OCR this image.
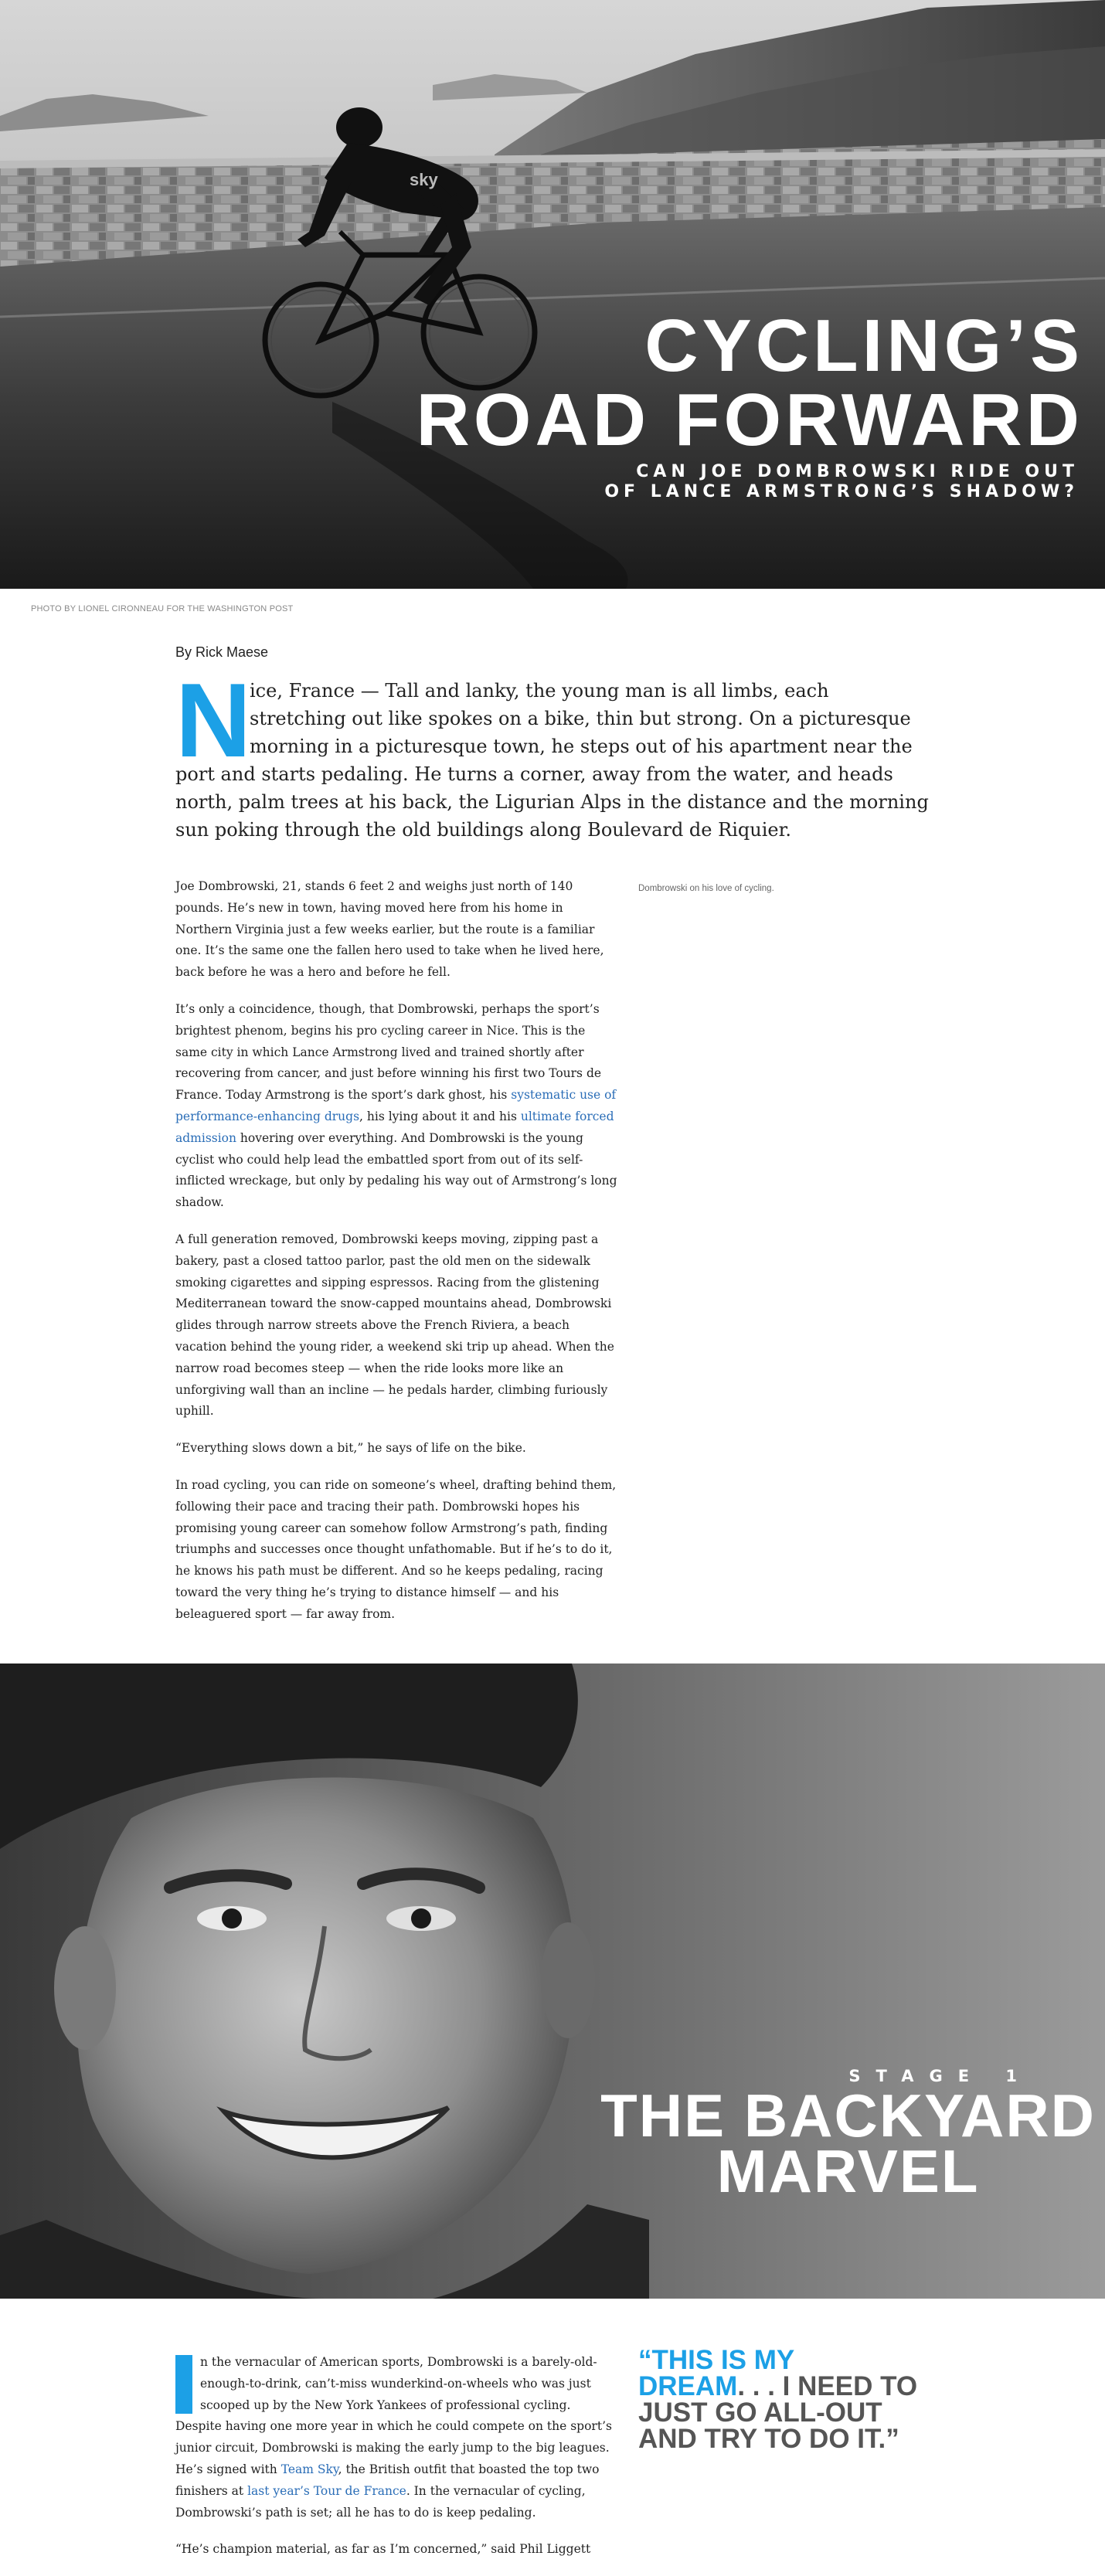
sky
CYCLING’S
ROAD FORWARD
CAN JOE DOMBROWSKI RIDE OUT
OF LANCE ARMSTRONG’S SHADOW?
PHOTO BY LIONEL CIRONNEAU FOR THE WASHINGTON POST
By Rick Maese

N
ice, France — Tall and lanky, the young man is all limbs, each stretching out like spokes on a bike, thin but strong. On a picturesque morning in a picturesque town, he steps out of his apartment near the port and starts pedaling. He turns a corner, away from the water, and heads north, palm trees at his back, the Ligurian Alps in the distance and the morning sun poking through the old buildings along Boulevard de Riquier.

Joe Dombrowski, 21, stands 6 feet 2 and weighs just north of 140 pounds. He’s new in town, having moved here from his home in Northern Virginia just a few weeks earlier, but the route is a familiar one. It’s the same one the fallen hero used to take when he lived here, back before he was a hero and before he fell.

It’s only a coincidence, though, that Dombrowski, perhaps the sport’s brightest phenom, begins his pro cycling career in Nice. This is the same city in which Lance Armstrong lived and trained shortly after recovering from cancer, and just before winning his first two Tours de France. Today Armstrong is the sport’s dark ghost, his systematic use of performance-enhancing drugs, his lying about it and his ultimate forced admission hovering over everything. And Dombrowski is the young cyclist who could help lead the embattled sport from out of its self-inflicted wreckage, but only by pedaling his way out of Armstrong’s long shadow.

A full generation removed, Dombrowski keeps moving, zipping past a bakery, past a closed tattoo parlor, past the old men on the sidewalk smoking cigarettes and sipping espressos. Racing from the glistening Mediterranean toward the snow-capped mountains ahead, Dombrowski glides through narrow streets above the French Riviera, a beach vacation behind the young rider, a weekend ski trip up ahead. When the narrow road becomes steep — when the ride looks more like an unforgiving wall than an incline — he pedals harder, climbing furiously uphill.

“Everything slows down a bit,” he says of life on the bike.

In road cycling, you can ride on someone’s wheel, drafting behind them, following their pace and tracing their path. Dombrowski hopes his promising young career can somehow follow Armstrong’s path, finding triumphs and successes once thought unfathomable. But if he’s to do it, he knows his path must be different. And so he keeps pedaling, racing toward the very thing he’s trying to distance himself — and his beleaguered sport — far away from.

Dombrowski on his love of cycling.
STAGE 1
THE BACKYARD
MARVEL

n the vernacular of American sports, Dombrowski is a barely-old-enough-to-drink, can’t-miss wunderkind-on-wheels who was just scooped up by the New York Yankees of professional cycling. Despite having one more year in which he could compete on the sport’s junior circuit, Dombrowski is making the early jump to the big leagues. He’s signed with Team Sky, the British outfit that boasted the top two finishers at last year’s Tour de France. In the vernacular of cycling, Dombrowski’s path is set; all he has to do is keep pedaling.

“He’s champion material, as far as I’m concerned,” said Phil Liggett

“THIS IS MY
DREAM. . . I NEED TO JUST GO ALL-OUT AND TRY TO DO IT.”
